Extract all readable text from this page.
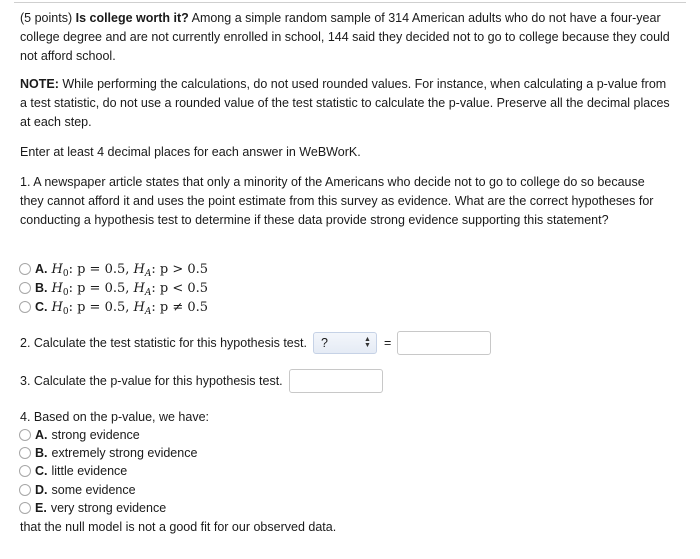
(5 points) Is college worth it? Among a simple random sample of 314 American adults who do not have a four-year college degree and are not currently enrolled in school, 144 said they decided not to go to college because they could not afford school.
NOTE: While performing the calculations, do not used rounded values. For instance, when calculating a p-value from a test statistic, do not use a rounded value of the test statistic to calculate the p-value. Preserve all the decimal places at each step.
Enter at least 4 decimal places for each answer in WeBWorK.
1. A newspaper article states that only a minority of the Americans who decide not to go to college do so because they cannot afford it and uses the point estimate from this survey as evidence. What are the correct hypotheses for conducting a hypothesis test to determine if these data provide strong evidence supporting this statement?
A. $H_0$: p = 0.5, $H_A$: p > 0.5
B. $H_0$: p = 0.5, $H_A$: p < 0.5
C. $H_0$: p = 0.5, $H_A$: p ≠ 0.5
2. Calculate the test statistic for this hypothesis test. ?	▲
▼ =
3. Calculate the p-value for this hypothesis test.
4. Based on the p-value, we have:
A. strong evidence
B. extremely strong evidence
C. little evidence
D. some evidence
E. very strong evidence
that the null model is not a good fit for our observed data.
